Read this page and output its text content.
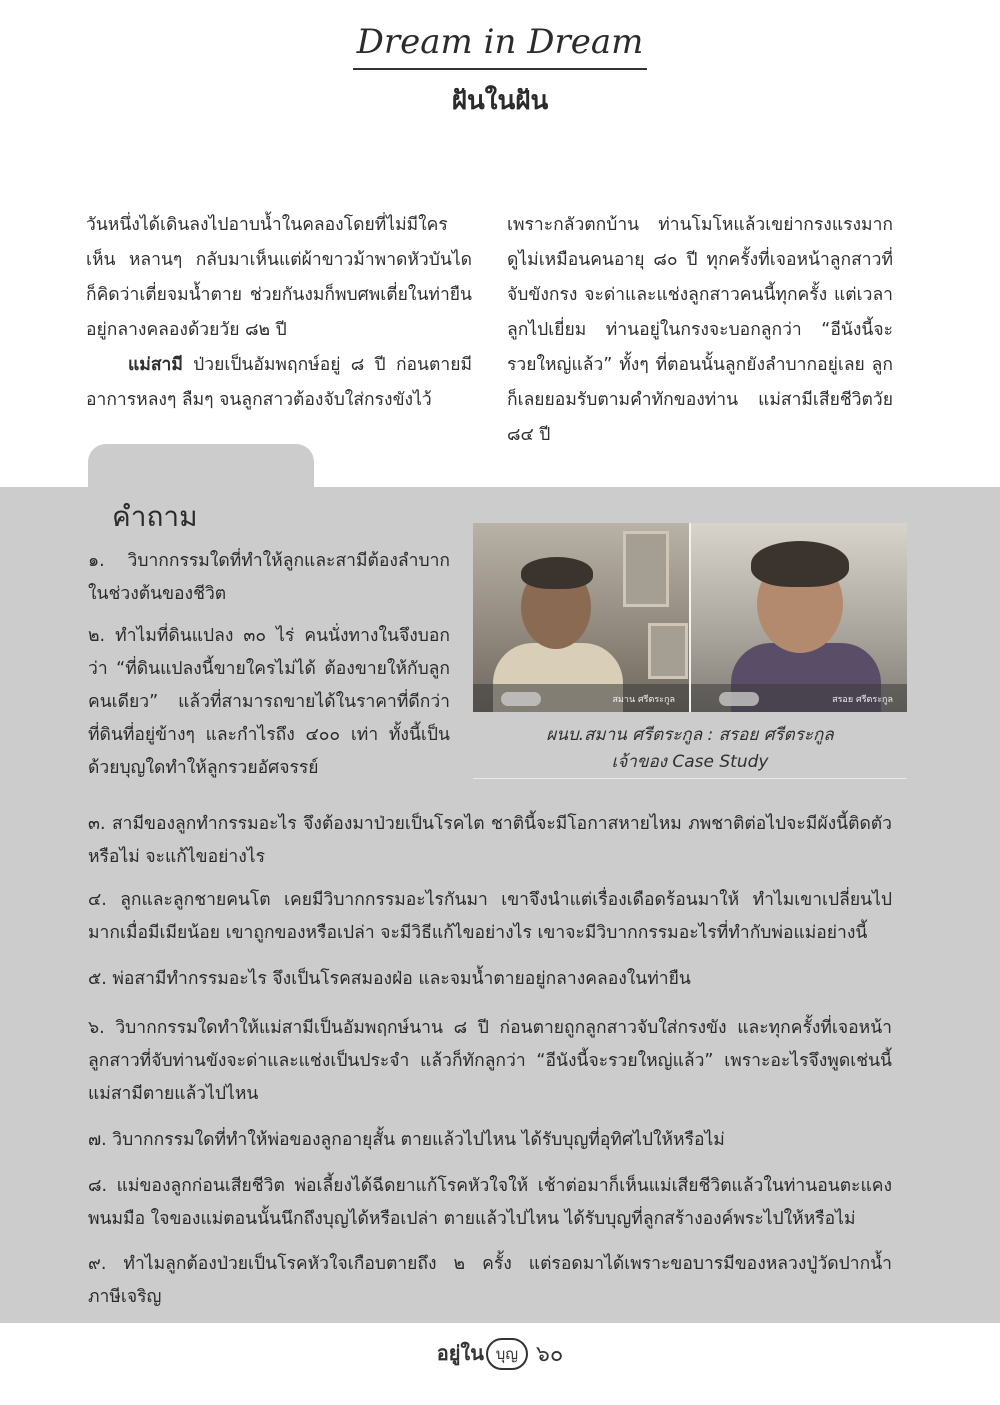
Dream in Dream
ฝันในฝัน

วันหนึ่งได้เดินลงไปอาบน้ำในคลองโดยที่ไม่มีใครเห็น หลานๆ กลับมาเห็นแต่ผ้าขาวม้าพาดหัวบันได ก็คิดว่าเตี่ยจมน้ำตาย ช่วยกันงมก็พบศพเตี่ยในท่ายืนอยู่กลางคลองด้วยวัย ๘๒ ปี

แม่สามี ป่วยเป็นอัมพฤกษ์อยู่ ๘ ปี ก่อนตายมีอาการหลงๆ ลืมๆ จนลูกสาวต้องจับใส่กรงขังไว้

เพราะกลัวตกบ้าน ท่านโมโหแล้วเขย่ากรงแรงมาก ดูไม่เหมือนคนอายุ ๘๐ ปี ทุกครั้งที่เจอหน้าลูกสาวที่จับขังกรง จะด่าและแช่งลูกสาวคนนี้ทุกครั้ง แต่เวลาลูกไปเยี่ยม ท่านอยู่ในกรงจะบอกลูกว่า “อีนังนี้จะรวยใหญ่แล้ว” ทั้งๆ ที่ตอนนั้นลูกยังลำบากอยู่เลย ลูกก็เลยยอมรับตามคำทักของท่าน แม่สามีเสียชีวิตวัย ๘๔ ปี

คำถาม

๑. วิบากกรรมใดที่ทำให้ลูกและสามีต้องลำบากในช่วงต้นของชีวิต

๒. ทำไมที่ดินแปลง ๓๐ ไร่ คนนั่งทางในจึงบอกว่า “ที่ดินแปลงนี้ขายใครไม่ได้ ต้องขายให้กับลูกคนเดียว” แล้วที่สามารถขายได้ในราคาที่ดีกว่าที่ดินที่อยู่ข้างๆ และกำไรถึง ๔๐๐ เท่า ทั้งนี้เป็นด้วยบุญใดทำให้ลูกรวยอัศจรรย์

สมาน ศรีตระกูล	สรอย ศรีตระกูล
ผนบ.สมาน ศรีตระกูล : สรอย ศรีตระกูล
เจ้าของ Case Study

๓. สามีของลูกทำกรรมอะไร จึงต้องมาป่วยเป็นโรคไต ชาตินี้จะมีโอกาสหายไหม ภพชาติต่อไปจะมีผังนี้ติดตัวหรือไม่ จะแก้ไขอย่างไร

๔. ลูกและลูกชายคนโต เคยมีวิบากกรรมอะไรกันมา เขาจึงนำแต่เรื่องเดือดร้อนมาให้ ทำไมเขาเปลี่ยนไปมากเมื่อมีเมียน้อย เขาถูกของหรือเปล่า จะมีวิธีแก้ไขอย่างไร เขาจะมีวิบากกรรมอะไรที่ทำกับพ่อแม่อย่างนี้

๕. พ่อสามีทำกรรมอะไร จึงเป็นโรคสมองฝ่อ และจมน้ำตายอยู่กลางคลองในท่ายืน

๖. วิบากกรรมใดทำให้แม่สามีเป็นอัมพฤกษ์นาน ๘ ปี ก่อนตายถูกลูกสาวจับใส่กรงขัง และทุกครั้งที่เจอหน้าลูกสาวที่จับท่านขังจะด่าและแช่งเป็นประจำ แล้วก็ทักลูกว่า “อีนังนี้จะรวยใหญ่แล้ว” เพราะอะไรจึงพูดเช่นนี้ แม่สามีตายแล้วไปไหน

๗. วิบากกรรมใดที่ทำให้พ่อของลูกอายุสั้น ตายแล้วไปไหน ได้รับบุญที่อุทิศไปให้หรือไม่

๘. แม่ของลูกก่อนเสียชีวิต พ่อเลี้ยงได้ฉีดยาแก้โรคหัวใจให้ เช้าต่อมาก็เห็นแม่เสียชีวิตแล้วในท่านอนตะแคงพนมมือ ใจของแม่ตอนนั้นนึกถึงบุญได้หรือเปล่า ตายแล้วไปไหน ได้รับบุญที่ลูกสร้างองค์พระไปให้หรือไม่

๙. ทำไมลูกต้องป่วยเป็นโรคหัวใจเกือบตายถึง ๒ ครั้ง แต่รอดมาได้เพราะขอบารมีของหลวงปู่วัดปากน้ำภาษีเจริญ

อยู่ใน บุญ ๖๐
